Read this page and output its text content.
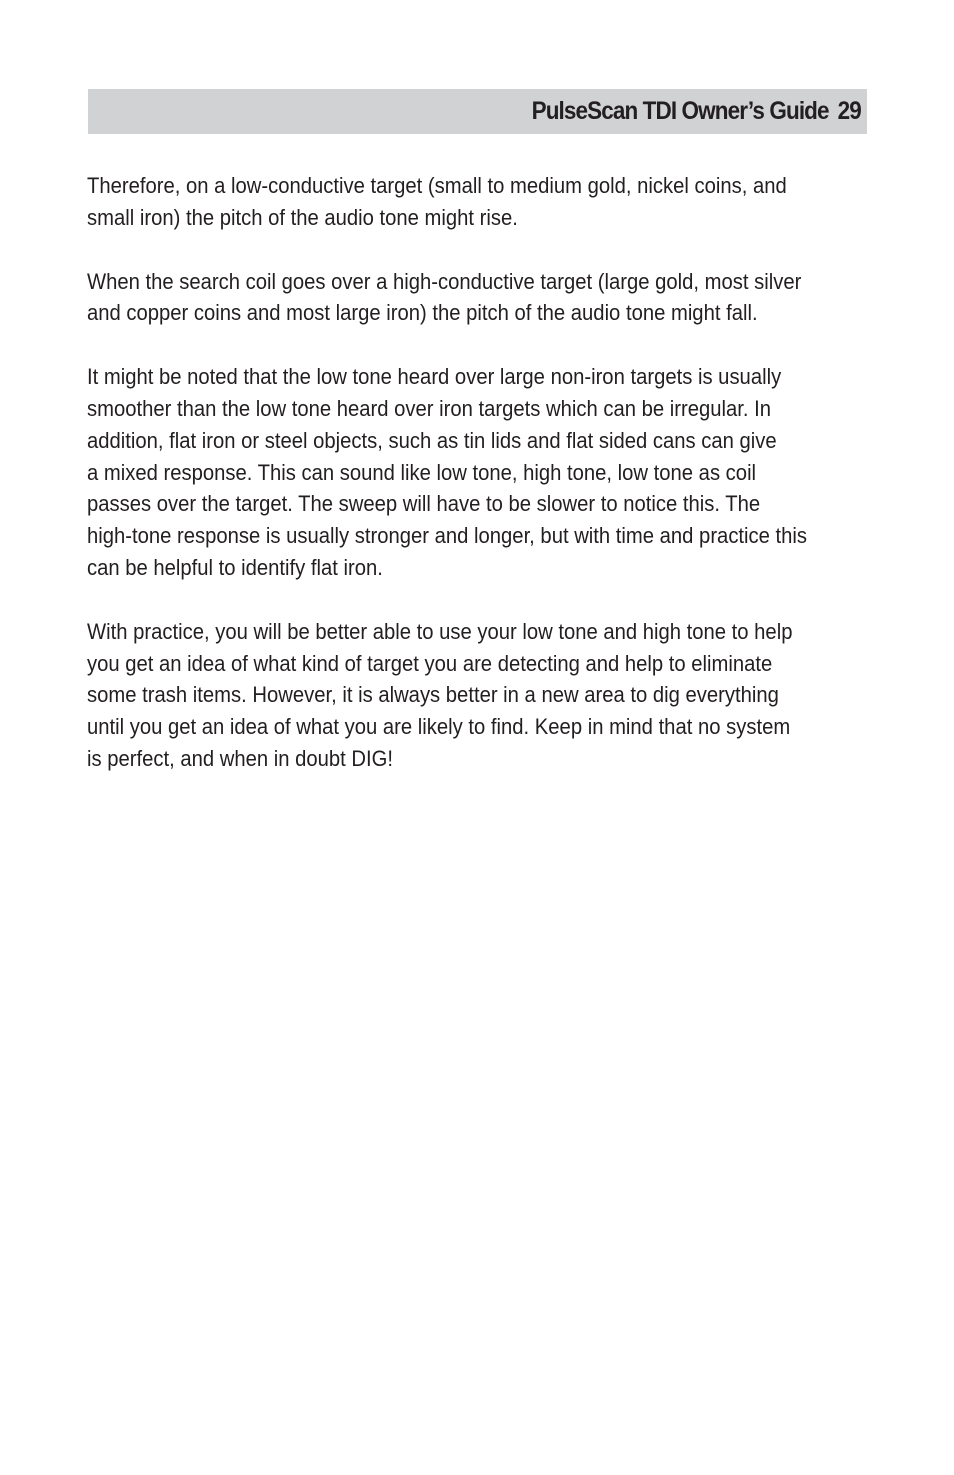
PulseScan TDI Owner’s Guide 29

Therefore, on a low-conductive target (small to medium gold, nickel coins, and
small iron) the pitch of the audio tone might rise.

When the search coil goes over a high-conductive target (large gold, most silver
and copper coins and most large iron) the pitch of the audio tone might fall.

It might be noted that the low tone heard over large non-iron targets is usually
smoother than the low tone heard over iron targets which can be irregular. In
addition, flat iron or steel objects, such as tin lids and flat sided cans can give
a mixed response. This can sound like low tone, high tone, low tone as coil
passes over the target. The sweep will have to be slower to notice this. The
high-tone response is usually stronger and longer, but with time and practice this
can be helpful to identify flat iron.

With practice, you will be better able to use your low tone and high tone to help
you get an idea of what kind of target you are detecting and help to eliminate
some trash items. However, it is always better in a new area to dig everything
until you get an idea of what you are likely to find. Keep in mind that no system
is perfect, and when in doubt DIG!
